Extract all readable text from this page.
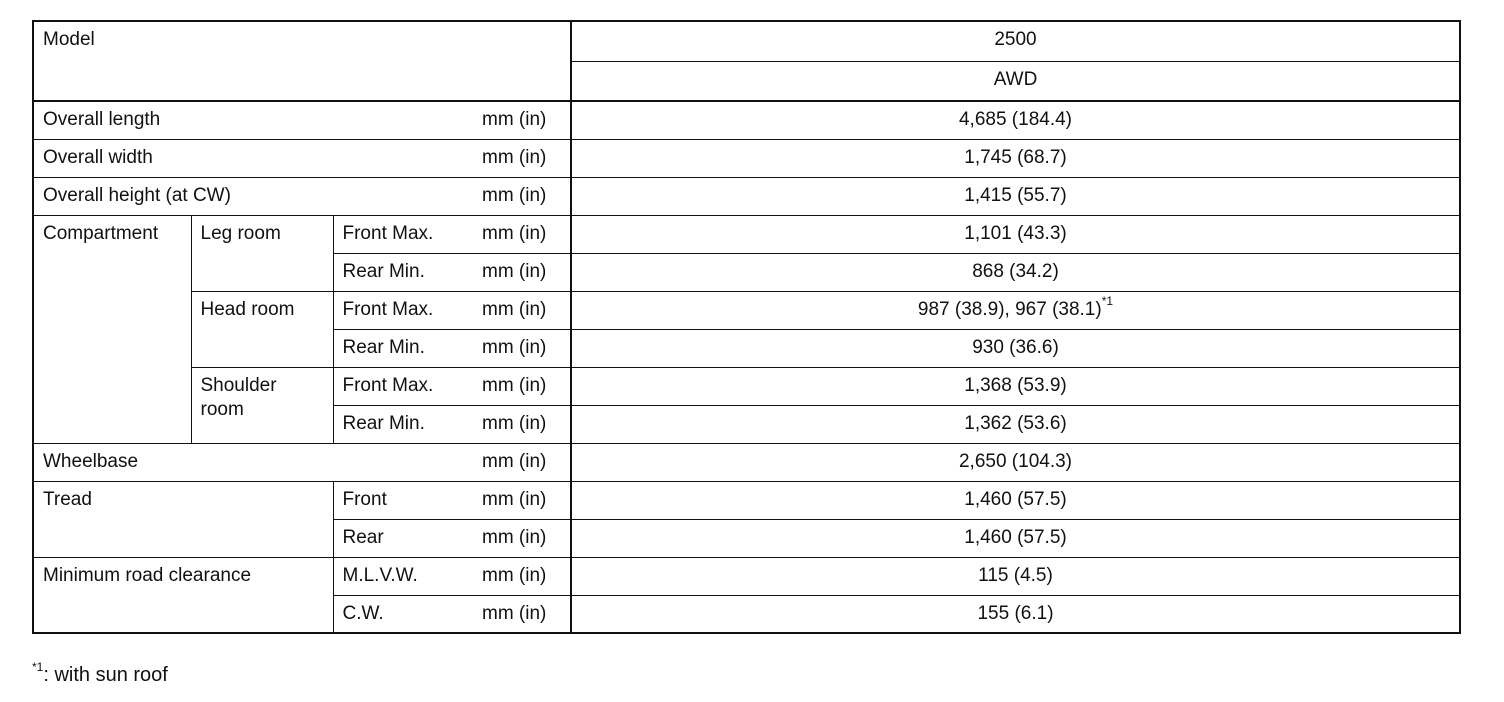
Model				2500
				AWD
Overall length			mm (in)	4,685 (184.4)
Overall width			mm (in)	1,745 (68.7)
Overall height (at CW)			mm (in)	1,415 (55.7)
Compartment	Leg room	Front Max.	mm (in)	1,101 (43.3)
		Rear Min.	mm (in)	868 (34.2)
	Head room	Front Max.	mm (in)	987 (38.9), 967 $(38.1)^{*1}$
		Rear Min.	mm (in)	930 (36.6)
	Shoulder room	Front Max.	mm (in)	1,368 (53.9)
		Rear Min.	mm (in)	1,362 (53.6)
Wheelbase			mm (in)	2,650 (104.3)
Tread		Front	mm (in)	1,460 (57.5)
		Rear	mm (in)	1,460 (57.5)
Minimum road clearance		M.L.V.W.	mm (in)	115 (4.5)
		C.W.	mm (in)	155 (6.1)
$^{*1}$: with sun roof
